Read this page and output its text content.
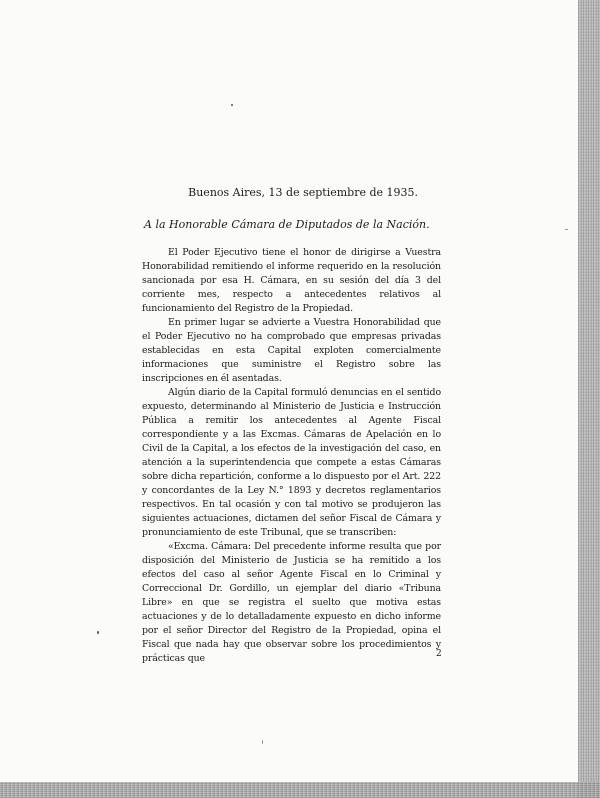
Buenos Aires, 13 de septiembre de 1935.
A la Honorable Cámara de Diputados de la Nación.

El Poder Ejecutivo tiene el honor de dirigirse a Vuestra Honorabilidad remitiendo el informe requerido en la resolución sancionada por esa H. Cámara, en su sesión del día 3 del corriente mes, respecto a antecedentes relativos al funcionamiento del Registro de la Propiedad.

En primer lugar se advierte a Vuestra Honorabilidad que el Poder Ejecutivo no ha comprobado que empresas privadas establecidas en esta Capital exploten comercialmente informaciones que suministre el Registro sobre las inscripciones en él asentadas.

Algún diario de la Capital formuló denuncias en el sentido expuesto, determinando al Ministerio de Justicia e Instrucción Pública a remitir los antecedentes al Agente Fiscal correspondiente y a las Excmas. Cámaras de Apelación en lo Civil de la Capital, a los efectos de la investigación del caso, en atención a la superintendencia que compete a estas Cámaras sobre dicha repartición, conforme a lo dispuesto por el Art. 222 y concordantes de la Ley N.° 1893 y decretos reglamentarios respectivos. En tal ocasión y con tal motivo se produjeron las siguientes actuaciones, dictamen del señor Fiscal de Cámara y pronunciamiento de este Tribunal, que se transcriben:

«Excma. Cámara: Del precedente informe resulta que por disposición del Ministerio de Justicia se ha remitido a los efectos del caso al señor Agente Fiscal en lo Criminal y Correccional Dr. Gordillo, un ejemplar del diario «Tribuna Libre» en que se registra el suelto que motiva estas actuaciones y de lo detalladamente expuesto en dicho informe por el señor Director del Registro de la Propiedad, opina el Fiscal que nada hay que observar sobre los procedimientos y prácticas que	2
